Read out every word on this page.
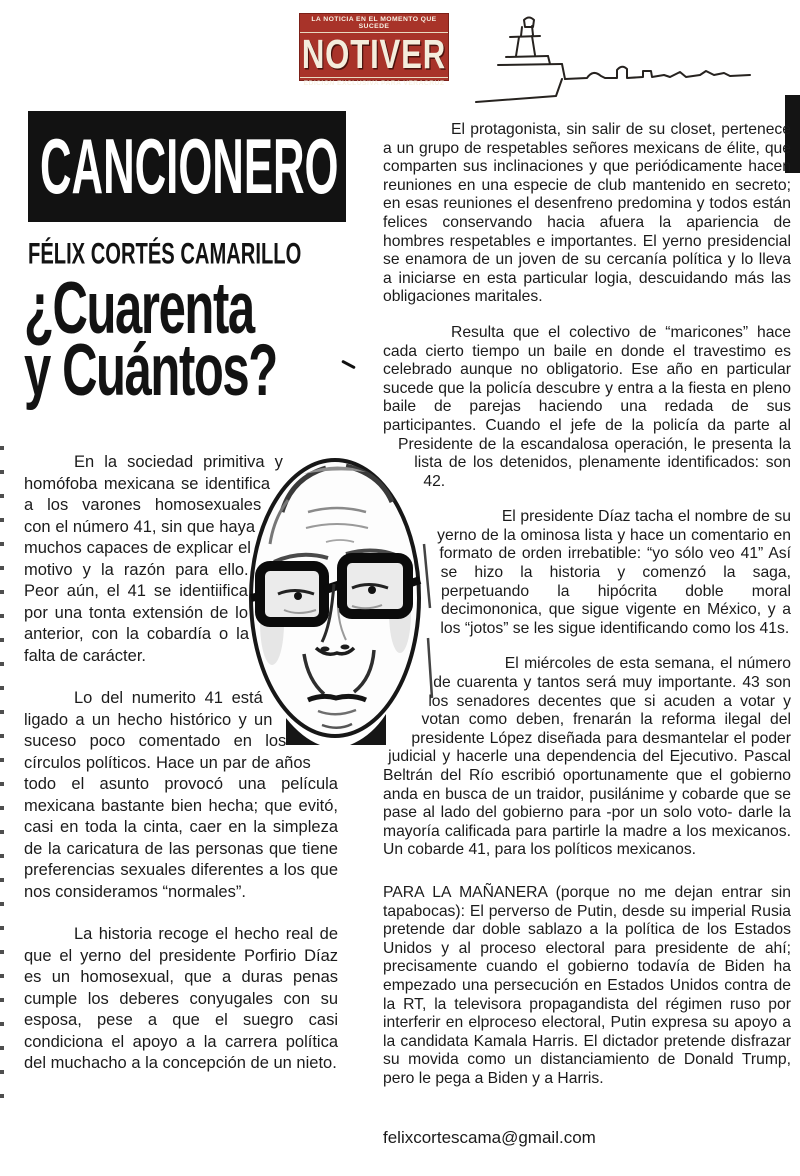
LA NOTICIA EN EL MOMENTO QUE SUCEDE
NOTIVER
EDICION EXCLUSIVA PARA VERACRUZ
CANCIONERO
FÉLIX CORTÉS CAMARILLO
¿Cuarenta
y Cuántos?

En la sociedad primitiva y homófoba mexicana se identifica a los varones homosexuales con el número 41, sin que haya muchos capaces de explicar el motivo y la razón para ello. Peor aún, el 41 se identiifica por una tonta extensión de lo anterior, con la cobardía o la falta de carácter.

Lo del numerito 41 está ligado a un hecho histórico y un suceso poco comentado en los círculos políticos. Hace un par de años todo el asunto provocó una película mexicana bastante bien hecha; que evitó, casi en toda la cinta, caer en la simpleza de la caricatura de las personas que tiene preferencias sexuales diferentes a los que nos consideramos “normales”.

La historia recoge el hecho real de que el yerno del presidente Porfirio Díaz es un homosexual, que a duras penas cumple los deberes conyugales con su esposa, pese a que el suegro casi condiciona el apoyo a la carrera política del muchacho a la concepción de un nieto.

El protagonista, sin salir de su closet, pertenece a un grupo de respetables señores mexicans de élite, que comparten sus inclinaciones y que periódicamente hacen reuniones en una especie de club mantenido en secreto; en esas reuniones el desenfreno predomina y todos están felices conservando hacia afuera la apariencia de hombres respetables e importantes. El yerno presidencial se enamora de un joven de su cercanía política y lo lleva a iniciarse en esta particular logia, descuidando más las obligaciones maritales.

Resulta que el colectivo de “maricones” hace cada cierto tiempo un baile en donde el travestimo es celebrado aunque no obligatorio. Ese año en particular sucede que la policía descubre y entra a la fiesta en pleno baile de parejas haciendo una redada de sus participantes. Cuando el jefe de la policía da parte al Presidente de la escandalosa operación, le presenta la lista de los detenidos, plenamente identificados: son 42.

El presidente Díaz tacha el nombre de su yerno de la ominosa lista y hace un comentario en formato de orden irrebatible: “yo sólo veo 41” Así se hizo la historia y comenzó la saga, perpetuando la hipócrita doble moral decimononica, que sigue vigente en México, y a los “jotos” se les sigue identificando como los 41s.

El miércoles de esta semana, el número de cuarenta y tantos será muy importante. 43 son los senadores decentes que si acuden a votar y votan como deben, frenarán la reforma ilegal del presidente López diseñada para desmantelar el poder judicial y hacerle una dependencia del Ejecutivo. Pascal Beltrán del Río escribió oportunamente que el gobierno anda en busca de un traidor, pusilánime y cobarde que se pase al lado del gobierno para -por un solo voto- darle la mayoría calificada para partirle la madre a los mexicanos. Un cobarde 41, para los políticos mexicanos.

PARA LA MAÑANERA (porque no me dejan entrar sin tapabocas): El perverso de Putin, desde su imperial Rusia pretende dar doble sablazo a la política de los Estados Unidos y al proceso electoral para presidente de ahí; precisamente cuando el gobierno todavía de Biden ha empezado una persecución en Estados Unidos contra de la RT, la televisora propagandista del régimen ruso por interferir en elproceso electoral, Putin expresa su apoyo a la candidata Kamala Harris. El dictador pretende disfrazar su movida como un distanciamiento de Donald Trump, pero le pega a Biden y a Harris.

felixcortescama@gmail.com
